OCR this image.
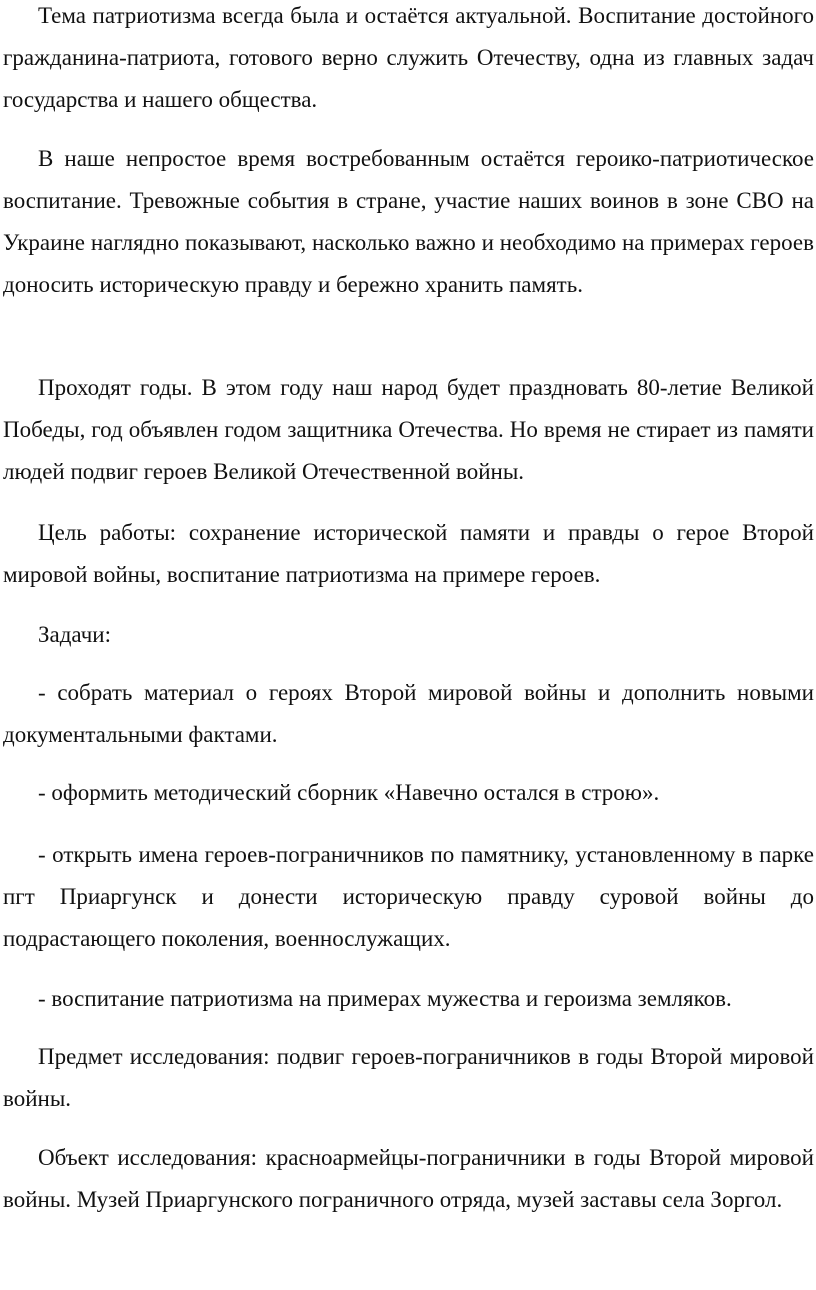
Тема патриотизма всегда была и остаётся актуальной. Воспитание достойного гражданина-патриота, готового верно служить Отечеству, одна из главных задач государства и нашего общества.

В наше непростое время востребованным остаётся героико-патриотическое воспитание. Тревожные события в стране, участие наших воинов в зоне СВО на Украине наглядно показывают, насколько важно и необходимо на примерах героев доносить историческую правду и бережно хранить память.

Проходят годы. В этом году наш народ будет праздновать 80-летие Великой Победы, год объявлен годом защитника Отечества. Но время не стирает из памяти людей подвиг героев Великой Отечественной войны.

Цель работы: сохранение исторической памяти и правды о герое Второй мировой войны, воспитание патриотизма на примере героев.

Задачи:

- собрать материал о героях Второй мировой войны и дополнить новыми документальными фактами.

- оформить методический сборник «Навечно остался в строю».

- открыть имена героев-пограничников по памятнику, установленному в парке пгт Приаргунск и донести историческую правду суровой войны до подрастающего поколения, военнослужащих.

- воспитание патриотизма на примерах мужества и героизма земляков.

Предмет исследования: подвиг героев-пограничников в годы Второй мировой войны.

Объект исследования: красноармейцы-пограничники в годы Второй мировой войны. Музей Приаргунского пограничного отряда, музей заставы села Зоргол.
